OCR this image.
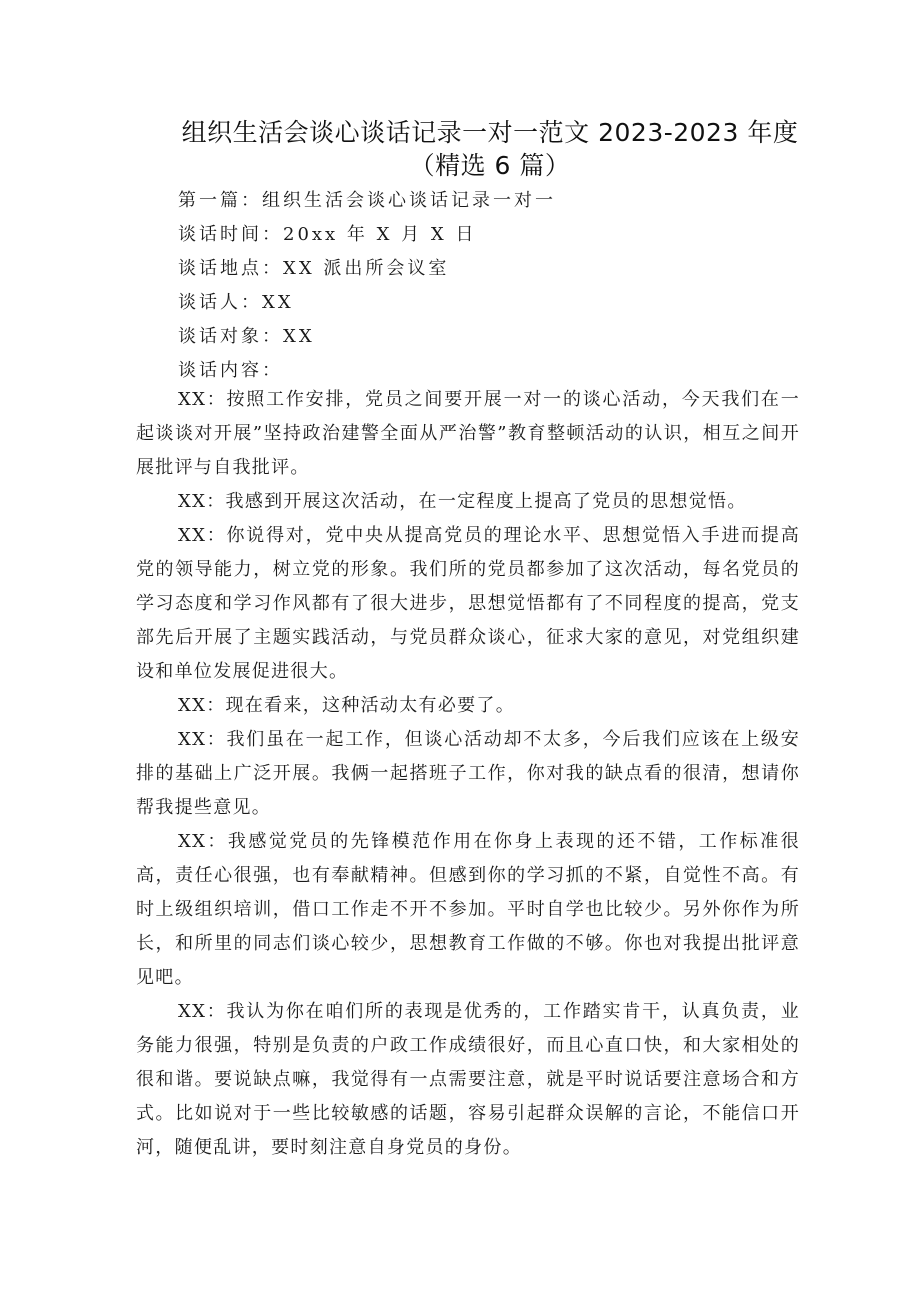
组织生活会谈心谈话记录一对一范文 2023-2023 年度
（精选 6 篇）
第一篇：组织生活会谈心谈话记录一对一
谈话时间：20xx 年 X 月 X 日
谈话地点：XX 派出所会议室
谈话人：XX
谈话对象：XX
谈话内容：
XX：按照工作安排，党员之间要开展一对一的谈心活动，今天我们在一起谈谈对开展”坚持政治建警全面从严治警”教育整顿活动的认识，相互之间开展批评与自我批评。
XX：我感到开展这次活动，在一定程度上提高了党员的思想觉悟。
XX：你说得对，党中央从提高党员的理论水平、思想觉悟入手进而提高党的领导能力，树立党的形象。我们所的党员都参加了这次活动，每名党员的学习态度和学习作风都有了很大进步，思想觉悟都有了不同程度的提高，党支部先后开展了主题实践活动，与党员群众谈心，征求大家的意见，对党组织建设和单位发展促进很大。
XX：现在看来，这种活动太有必要了。
XX：我们虽在一起工作，但谈心活动却不太多，今后我们应该在上级安排的基础上广泛开展。我俩一起搭班子工作，你对我的缺点看的很清，想请你帮我提些意见。
XX：我感觉党员的先锋模范作用在你身上表现的还不错，工作标准很高，责任心很强，也有奉献精神。但感到你的学习抓的不紧，自觉性不高。有时上级组织培训，借口工作走不开不参加。平时自学也比较少。另外你作为所长，和所里的同志们谈心较少，思想教育工作做的不够。你也对我提出批评意见吧。
XX：我认为你在咱们所的表现是优秀的，工作踏实肯干，认真负责，业务能力很强，特别是负责的户政工作成绩很好，而且心直口快，和大家相处的很和谐。要说缺点嘛，我觉得有一点需要注意，就是平时说话要注意场合和方式。比如说对于一些比较敏感的话题，容易引起群众误解的言论，不能信口开河，随便乱讲，要时刻注意自身党员的身份。
